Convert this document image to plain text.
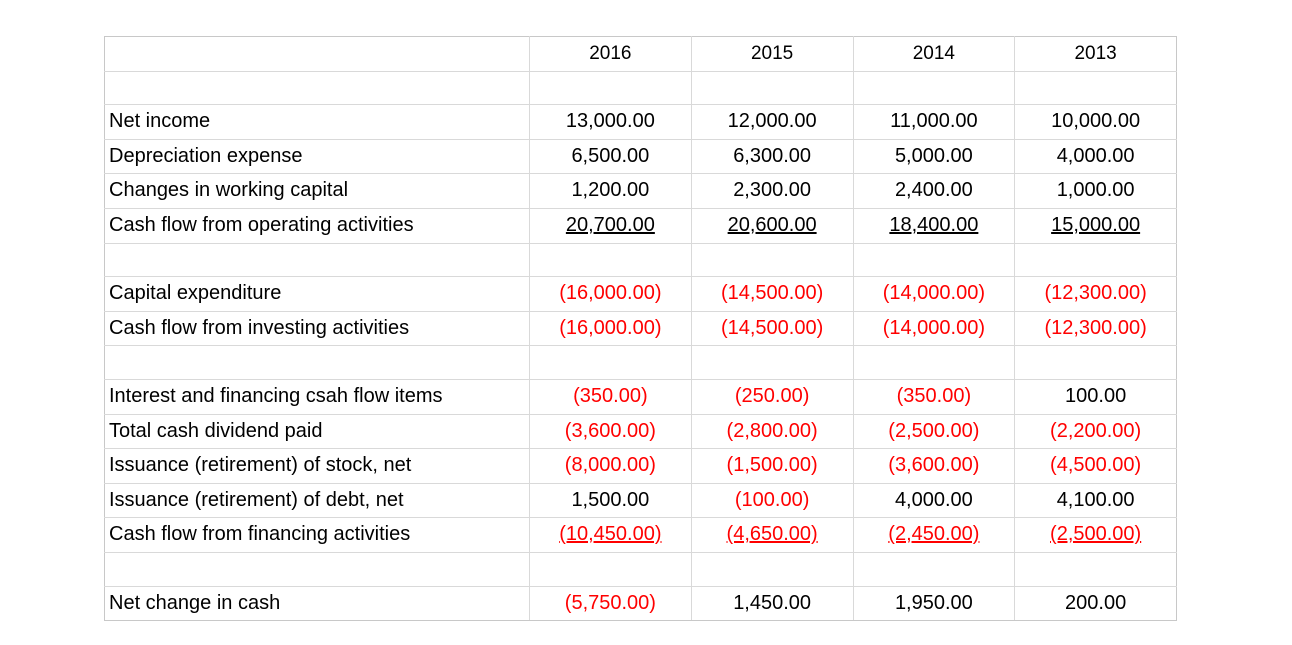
	2016	2015	2014	2013

Net income	13,000.00	12,000.00	11,000.00	10,000.00
Depreciation expense	6,500.00	6,300.00	5,000.00	4,000.00
Changes in working capital	1,200.00	2,300.00	2,400.00	1,000.00
Cash flow from operating activities	20,700.00	20,600.00	18,400.00	15,000.00

Capital expenditure	(16,000.00)	(14,500.00)	(14,000.00)	(12,300.00)
Cash flow from investing activities	(16,000.00)	(14,500.00)	(14,000.00)	(12,300.00)

Interest and financing csah flow items	(350.00)	(250.00)	(350.00)	100.00
Total cash dividend paid	(3,600.00)	(2,800.00)	(2,500.00)	(2,200.00)
Issuance (retirement) of stock, net	(8,000.00)	(1,500.00)	(3,600.00)	(4,500.00)
Issuance (retirement) of debt, net	1,500.00	(100.00)	4,000.00	4,100.00
Cash flow from financing activities	(10,450.00)	(4,650.00)	(2,450.00)	(2,500.00)

Net change in cash	(5,750.00)	1,450.00	1,950.00	200.00
